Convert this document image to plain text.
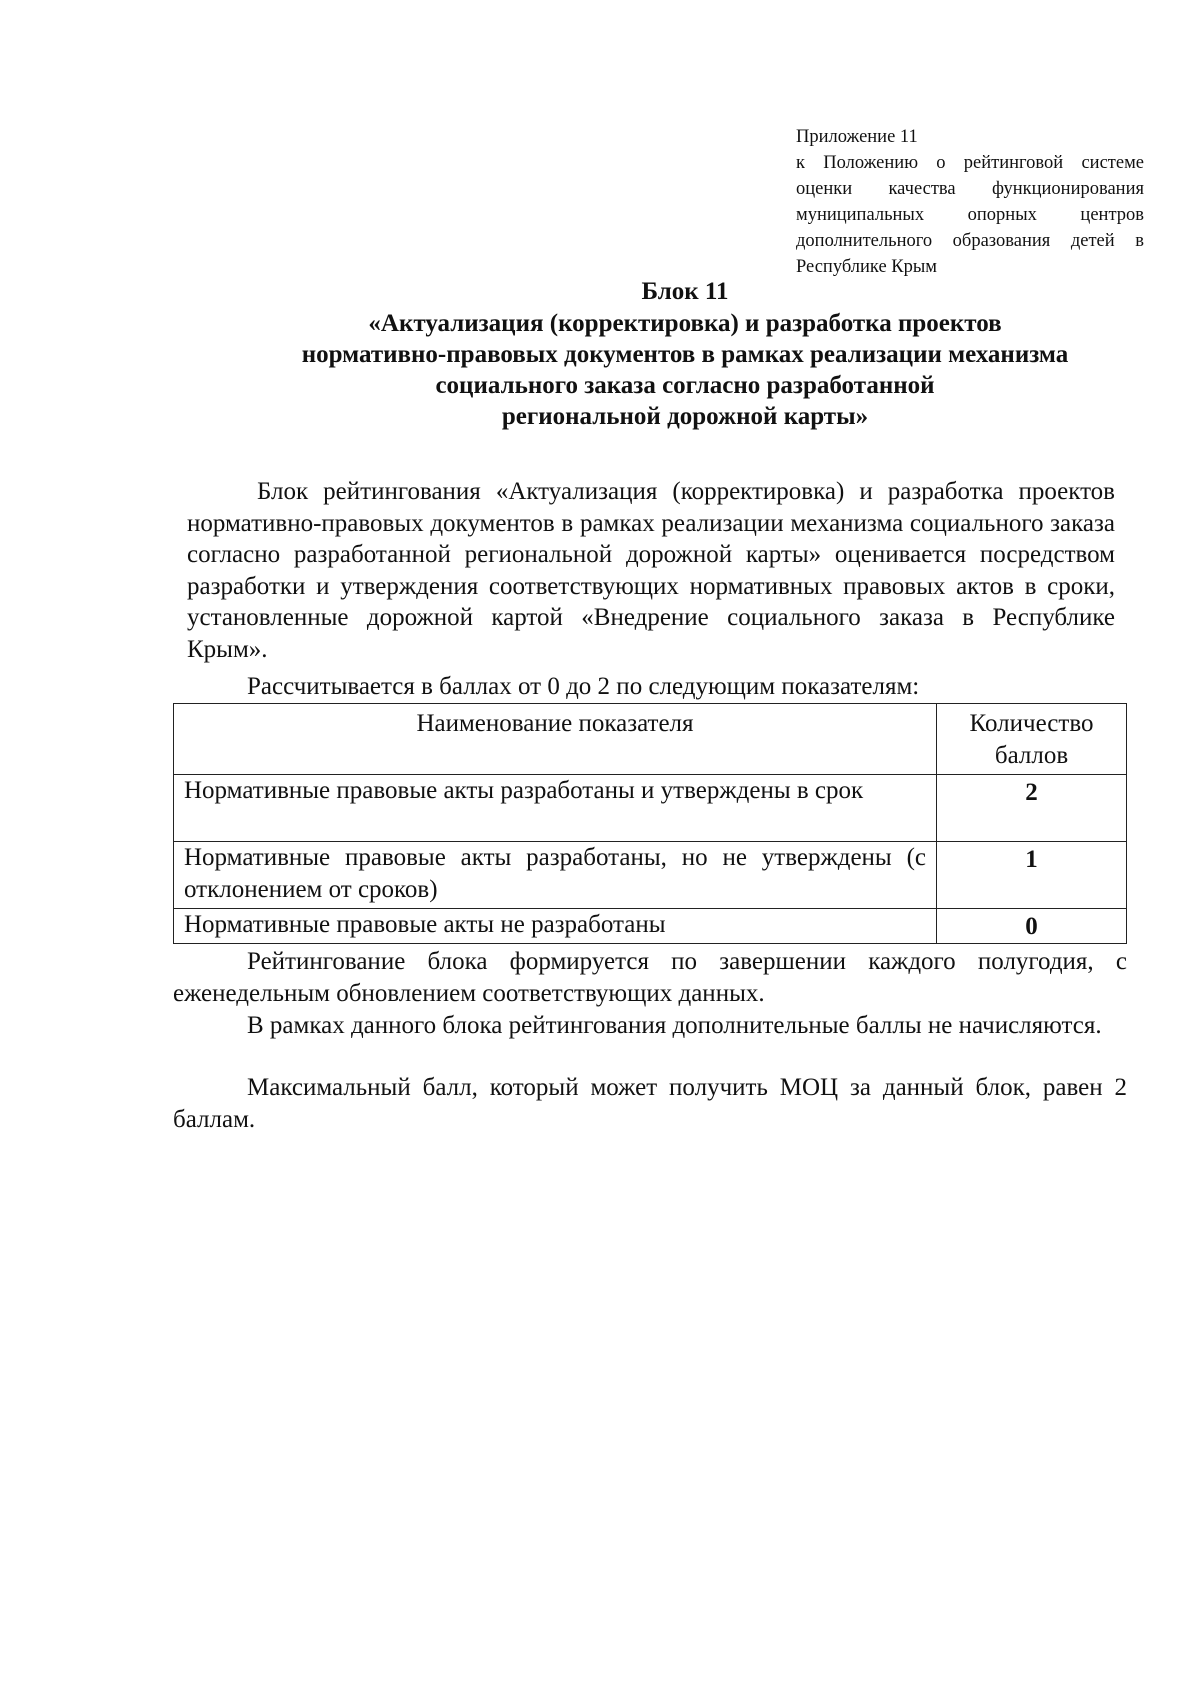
Приложение 11
к Положению о рейтинговой системе
оценки качества функционирования
муниципальных опорных центров
дополнительного образования детей в
Республике Крым
Блок 11
«Актуализация (корректировка) и разработка проектов
нормативно-правовых документов в рамках реализации механизма
социального заказа согласно разработанной
региональной дорожной карты»
Блок рейтингования «Актуализация (корректировка) и разработка проектов нормативно-правовых документов в рамках реализации механизма социального заказа согласно разработанной региональной дорожной карты» оценивается посредством разработки и утверждения соответствующих нормативных правовых актов в сроки, установленные дорожной картой «Внедрение социального заказа в Республике Крым».
Рассчитывается в баллах от 0 до 2 по следующим показателям:
Наименование показателя	Количество баллов
Нормативные правовые акты разработаны и утверждены в срок	2
Нормативные правовые акты разработаны, но не утверждены (с отклонением от сроков)	1
Нормативные правовые акты не разработаны	0
Рейтингование блока формируется по завершении каждого полугодия, с еженедельным обновлением соответствующих данных.
В рамках данного блока рейтингования дополнительные баллы не начисляются.
Максимальный балл, который может получить МОЦ за данный блок, равен 2 баллам.
